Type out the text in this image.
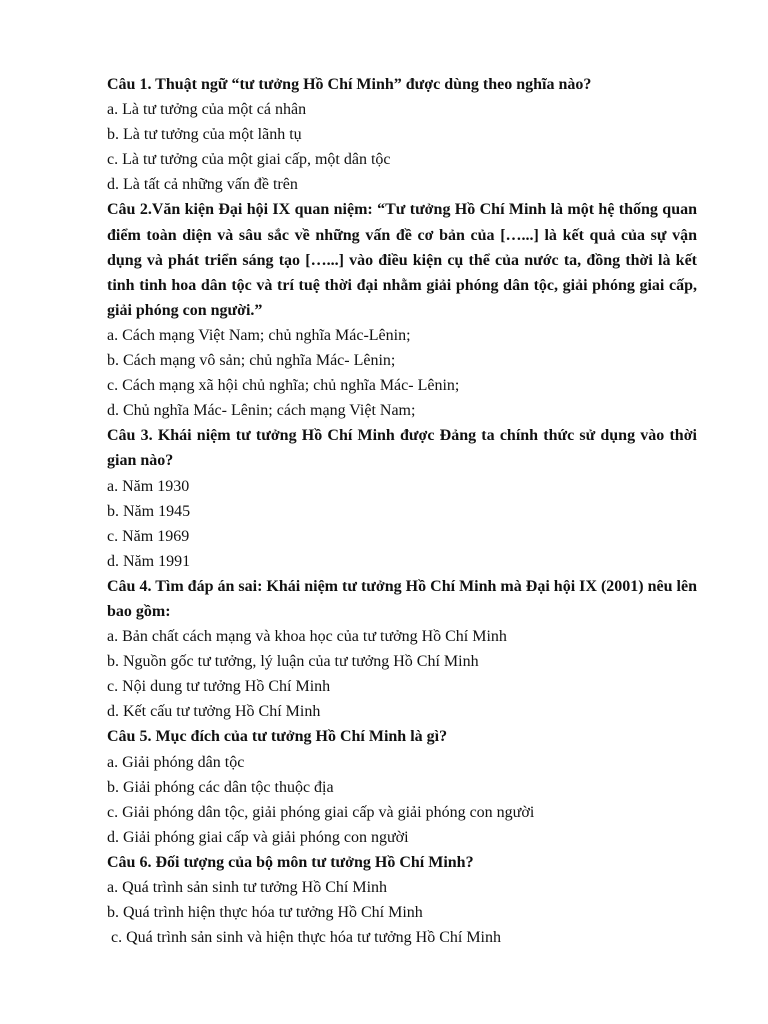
Câu 1. Thuật ngữ “tư tưởng Hồ Chí Minh” được dùng theo nghĩa nào?

a. Là tư tưởng của một cá nhân

b. Là tư tưởng của một lãnh tụ

c. Là tư tưởng của một giai cấp, một dân tộc

d. Là tất cả những vấn đề trên

Câu 2.Văn kiện Đại hội IX quan niệm: “Tư tưởng Hồ Chí Minh là một hệ thống quan điểm toàn diện và sâu sắc về những vấn đề cơ bản của […...] là kết quả của sự vận dụng và phát triển sáng tạo […...] vào điều kiện cụ thể của nước ta, đồng thời là kết tinh tinh hoa dân tộc và trí tuệ thời đại nhằm giải phóng dân tộc, giải phóng giai cấp, giải phóng con người.”

a. Cách mạng Việt Nam; chủ nghĩa Mác-Lênin;

b. Cách mạng vô sản; chủ nghĩa Mác- Lênin;

c. Cách mạng xã hội chủ nghĩa; chủ nghĩa Mác- Lênin;

d. Chủ nghĩa Mác- Lênin; cách mạng Việt Nam;

Câu 3. Khái niệm tư tưởng Hồ Chí Minh được Đảng ta chính thức sử dụng vào thời gian nào?

a. Năm 1930

b. Năm 1945

c. Năm 1969

d. Năm 1991

Câu 4. Tìm đáp án sai: Khái niệm tư tưởng Hồ Chí Minh mà Đại hội IX (2001) nêu lên bao gồm:

a. Bản chất cách mạng và khoa học của tư tưởng Hồ Chí Minh

b. Nguồn gốc tư tưởng, lý luận của tư tưởng Hồ Chí Minh

c. Nội dung tư tưởng Hồ Chí Minh

d. Kết cấu tư tưởng Hồ Chí Minh

Câu 5. Mục đích của tư tưởng Hồ Chí Minh là gì?

a. Giải phóng dân tộc

b. Giải phóng các dân tộc thuộc địa

c. Giải phóng dân tộc, giải phóng giai cấp và giải phóng con người

d. Giải phóng giai cấp và giải phóng con người

Câu 6. Đối tượng của bộ môn tư tưởng Hồ Chí Minh?

a. Quá trình sản sinh tư tưởng Hồ Chí Minh

b. Quá trình hiện thực hóa tư tưởng Hồ Chí Minh

c. Quá trình sản sinh và hiện thực hóa tư tưởng Hồ Chí Minh
